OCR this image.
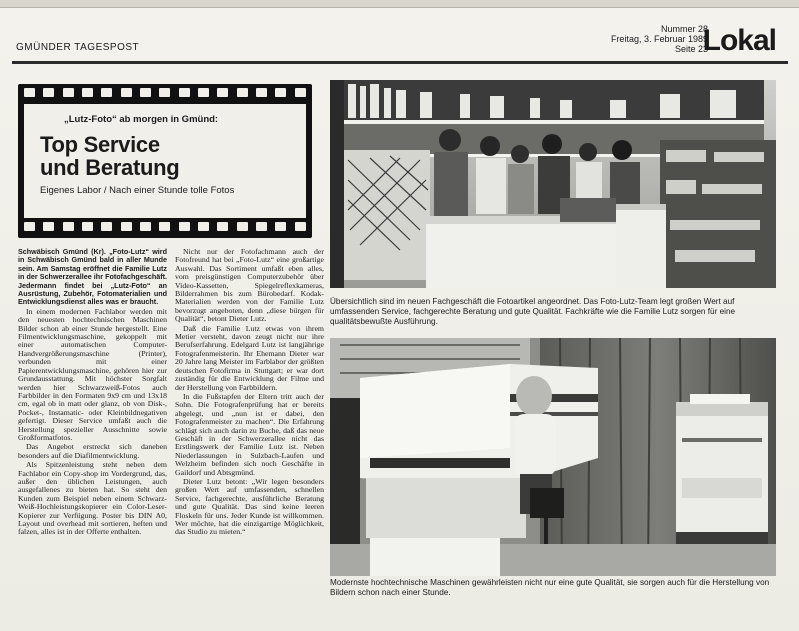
GMÜNDER TAGESPOST
Nummer 28
Freitag, 3. Februar 1989
Seite 23
Lokal
„Lutz-Foto“ ab morgen in Gmünd:
Top Service
und Beratung
Eigenes Labor / Nach einer Stunde tolle Fotos

Schwäbisch Gmünd (Kr). „Foto-Lutz“ wird in Schwäbisch Gmünd bald in aller Munde sein. Am Samstag eröffnet die Familie Lutz in der Schwerzerallee ihr Fotofachgeschäft. Jedermann findet bei „Lutz-Foto“ an Ausrüstung, Zubehör, Fotomaterialien und Entwicklungsdienst alles was er braucht.

In einem modernen Fachlabor werden mit den neuesten hochtechnischen Maschinen Bilder schon ab einer Stunde hergestellt. Eine Filmentwicklungsmaschine, gekoppelt mit einer automatischen Computer-Handvergrößerungsmaschine (Printer), verbunden mit einer Papierentwicklungsmaschine, gehören hier zur Grundausstattung. Mit höchster Sorgfalt werden hier Schwarzweiß-Fotos auch Farbbilder in den Formaten 9x9 cm und 13x18 cm, egal ob in matt oder glanz, ob von Disk-, Pocket-, Instamatic- oder Kleinbildnegativen gefertigt. Dieser Service umfaßt auch die Herstellung spezieller Ausschnitte sowie Großformatfotos.

Das Angebot erstreckt sich daneben besonders auf die Diafilmentwicklung.

Als Spitzenleistung steht neben dem Fachlabor ein Copy-shop im Vordergrund, das, außer den üblichen Leistungen, auch ausgefallenes zu bieten hat. So steht den Kunden zum Beispiel neben einem Schwarz-Weiß-Hochleistungskopierer ein Color-Leser-Kopierer zur Verfügung. Poster bis DIN A0, Layout und overhead mit sortieren, heften und falzen, alles ist in der Offerte enthalten.

Nicht nur der Fotofachmann auch der Fotofreund hat bei „Foto-Lutz“ eine großartige Auswahl. Das Sortiment umfaßt eben alles, vom preisgünstigen Computerzubehör über Video-Kassetten, Spiegelreflexkameras, Bilderrahmen bis zum Bürobedarf. Kodak-Materialien werden von der Familie Lutz bevorzugt angeboten, denn „diese bürgen für Qualität“, betont Dieter Lutz.

Daß die Familie Lutz etwas von ihrem Metier versteht, davon zeugt nicht nur ihre Berufserfahrung. Edelgard Lutz ist langjährige Fotografenmeisterin. Ihr Ehemann Dieter war 20 Jahre lang Meister im Farblabor der größten deutschen Fotofirma in Stuttgart; er war dort zuständig für die Entwicklung der Filme und der Herstellung von Farbbildern.

In die Fußstapfen der Eltern tritt auch der Sohn. Die Fotografenprüfung hat er bereits abgelegt, und „nun ist er dabei, den Fotografenmeister zu machen“. Die Erfahrung schlägt sich auch darin zu Buche, daß das neue Geschäft in der Schwerzerallee nicht das Erstlingswerk der Familie Lutz ist. Neben Niederlassungen in Sulzbach-Laufen und Welzheim befinden sich noch Geschäfte in Gaildorf und Abtsgmünd.

Dieter Lutz betont: „Wir legen besonders großen Wert auf umfassenden, schnellen Service, fachgerechte, ausführliche Beratung und gute Qualität. Das sind keine leeren Floskeln für uns. Jeder Kunde ist willkommen. Wer möchte, hat die einzigartige Möglichkeit, das Studio zu mieten.“

Übersichtlich sind im neuen Fachgeschäft die Fotoartikel angeordnet. Das Foto-Lutz-Team legt großen Wert auf umfassenden Service, fachgerechte Beratung und gute Qualität. Fachkräfte wie die Familie Lutz sorgen für eine qualitätsbewußte Ausführung.
Modernste hochtechnische Maschinen gewährleisten nicht nur eine gute Qualität, sie sorgen auch für die Herstellung von Bildern schon nach einer Stunde.
